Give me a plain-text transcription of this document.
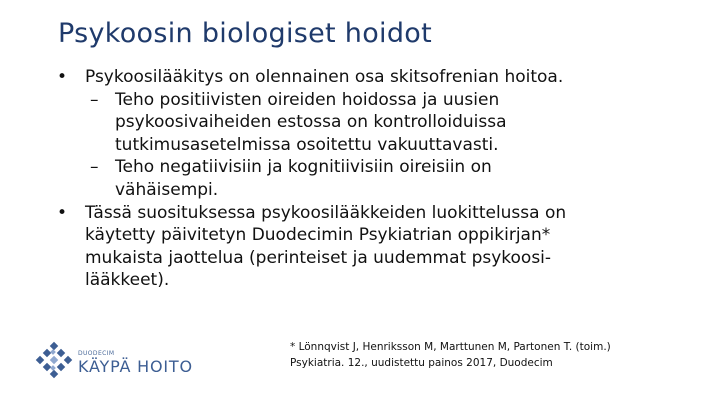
Psykoosin biologiset hoidot
• Psykoosilääkitys on olennainen osa skitsofrenian hoitoa.
– Teho positiivisten oireiden hoidossa ja uusien
psykoosivaiheiden estossa on kontrolloiduissa
tutkimusasetelmissa osoitettu vakuuttavasti.
– Teho negatiivisiin ja kognitiivisiin oireisiin on
vähäisempi.
• Tässä suosituksessa psykoosilääkkeiden luokittelussa on
käytetty päivitetyn Duodecimin Psykiatrian oppikirjan*
mukaista jaottelua (perinteiset ja uudemmat psykoosi-
lääkkeet).
DUODECIM
KÄYPÄ HOITO
* Lönnqvist J, Henriksson M, Marttunen M, Partonen T. (toim.)
Psykiatria. 12., uudistettu painos 2017, Duodecim
